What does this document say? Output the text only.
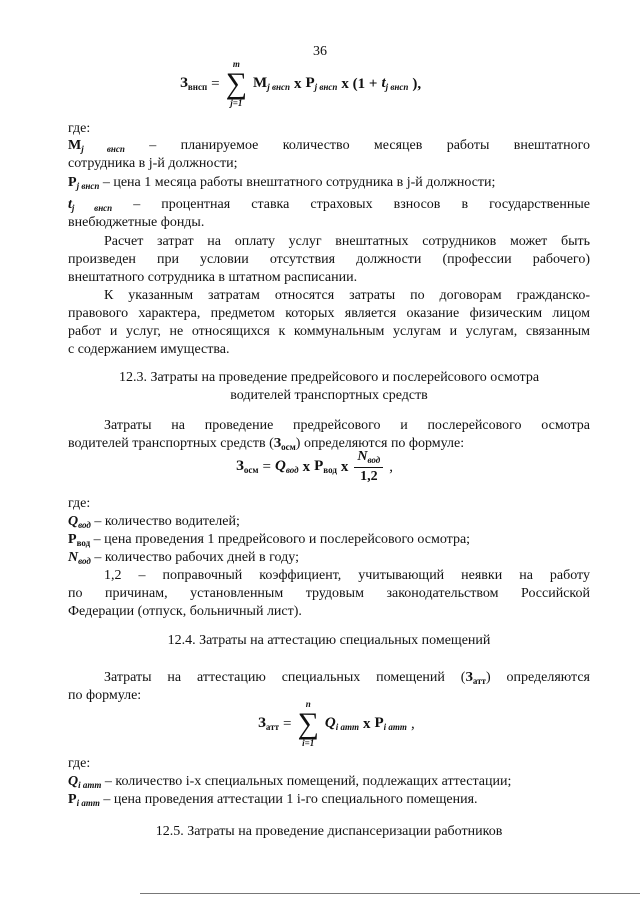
36
$З_{внсп}$ =
m
∑
j=1
$М_{j внсп}$ x $Р_{j внсп}$ x ($1 + t_{j внсп}$ ),
где:
$М_{j внсп}$ – планируемое количество месяцев работы внештатного
сотрудника в j-й должности;
$Р_{j внсп}$ – цена 1 месяца работы внештатного сотрудника в j-й должности;
$t_{j внсп}$ – процентная ставка страховых взносов в государственные
внебюджетные фонды.
Расчет затрат на оплату услуг внештатных сотрудников может быть
произведен при условии отсутствия должности (профессии рабочего)
внештатного сотрудника в штатном расписании.
К указанным затратам относятся затраты по договорам гражданско-
правового характера, предметом которых является оказание физическим лицом
работ и услуг, не относящихся к коммунальным услугам и услугам, связанным
с содержанием имущества.
12.3. Затраты на проведение предрейсового и послерейсового осмотра
водителей транспортных средств
Затраты на проведение предрейсового и послерейсового осмотра
водителей транспортных средств $(З_{осм})$ определяются по формуле:
$З_{осм} = Q_{вод}$ x $Р_{вод}$ x $\frac{N_{вод}}{1,2}$ ,
где:
$Q_{вод}$ – количество водителей;
$Р_{вод}$ – цена проведения 1 предрейсового и послерейсового осмотра;
$N_{вод}$ – количество рабочих дней в году;
1,2 – поправочный коэффициент, учитывающий неявки на работу
по причинам, установленным трудовым законодательством Российской
Федерации (отпуск, больничный лист).
12.4. Затраты на аттестацию специальных помещений
Затраты на аттестацию специальных помещений $(З_{атт})$ определяются
по формуле:
$З_{атт}$ =
n
∑
i=1
$Q_{i атт}$ x $Р_{i атт}$ ,
где:
$Q_{i атт}$ – количество i-х специальных помещений, подлежащих аттестации;
$Р_{i атт}$ – цена проведения аттестации 1 i-го специального помещения.
12.5. Затраты на проведение диспансеризации работников
